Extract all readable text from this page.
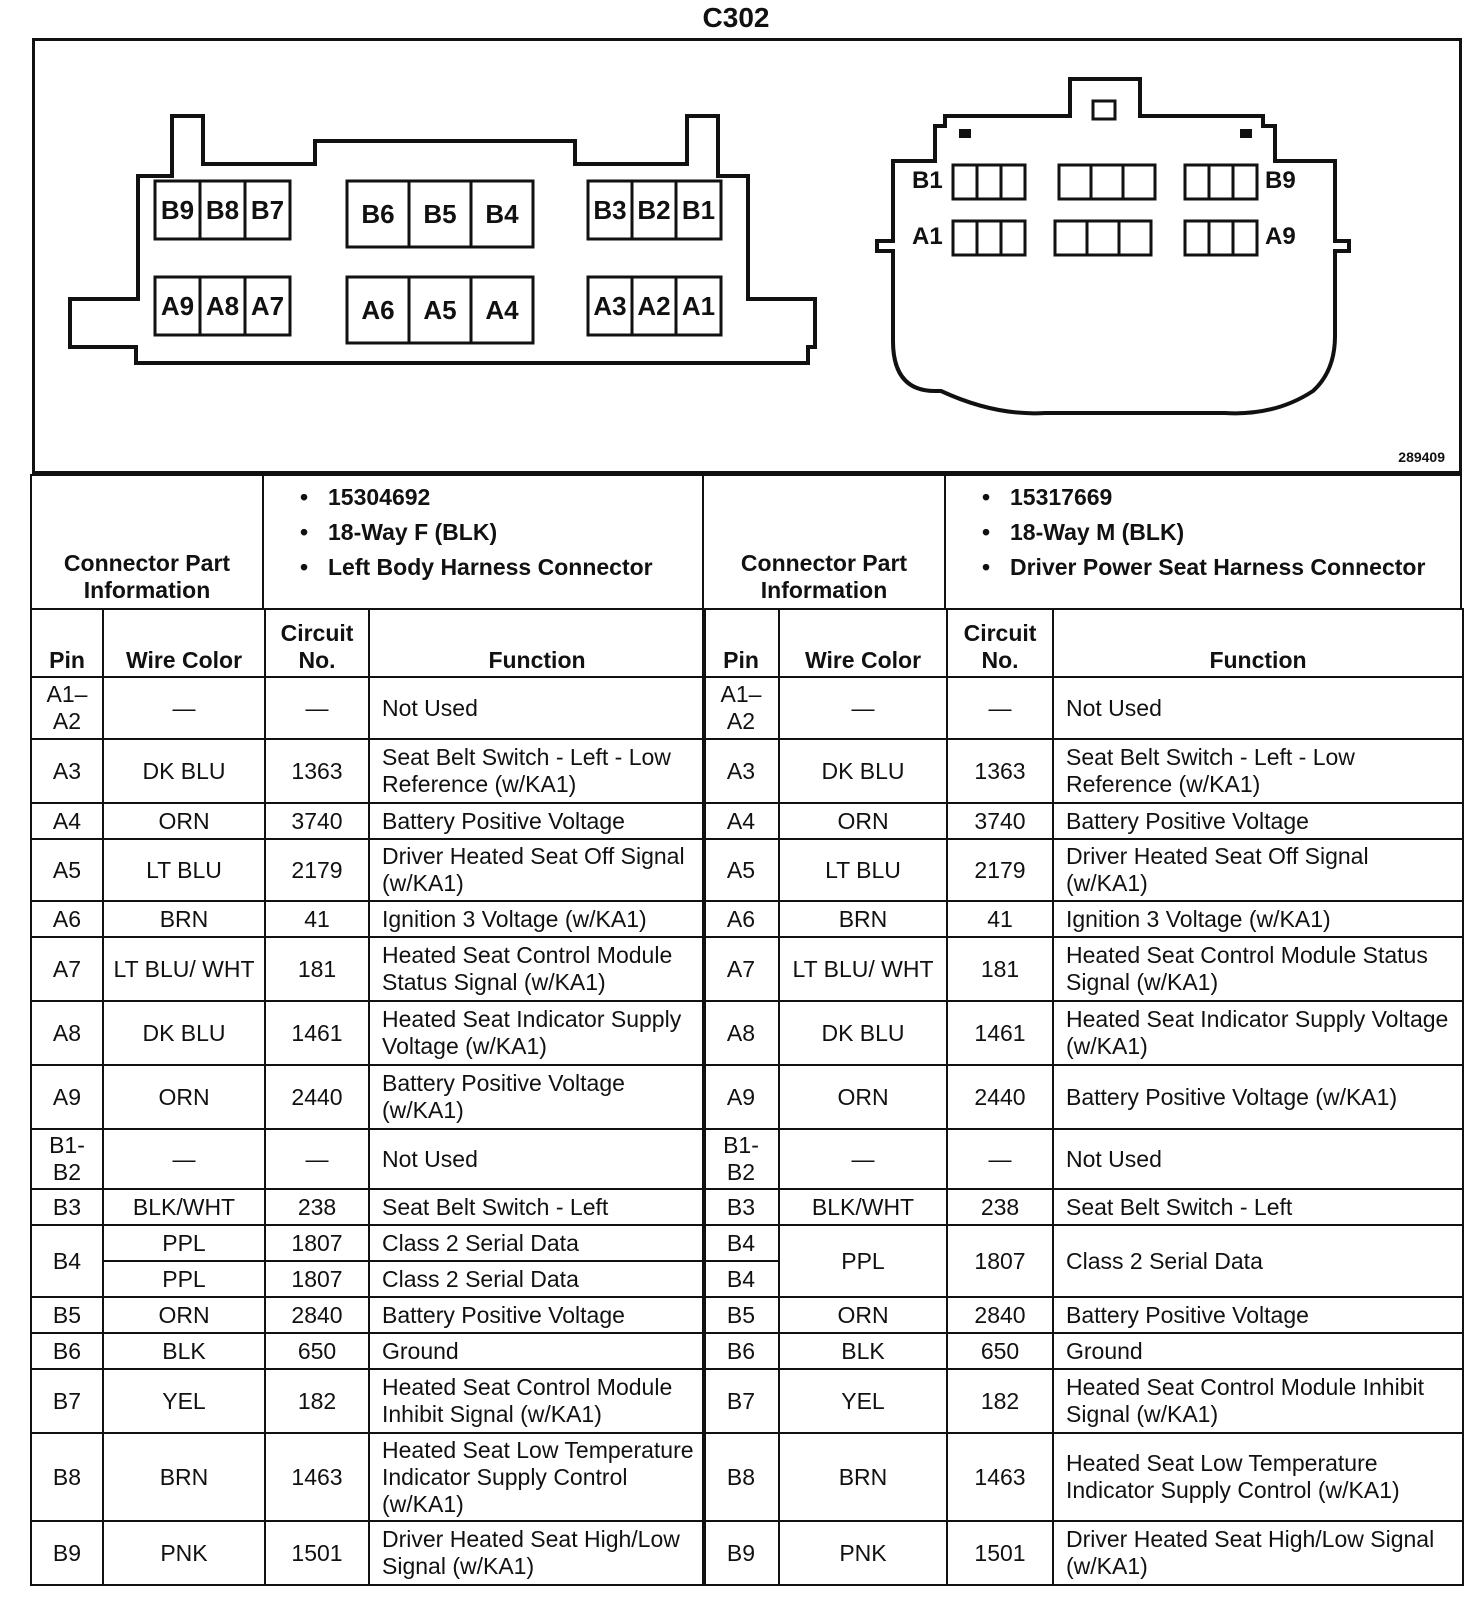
C302
B9 B8 B7
A9 A8 A7
B6	B5	B4
A6	A5	A4
B3 B2 B1
A3 A2 A1
B1
A1
B9
A9
289409
Connector Part Information
• 15304692
• 18-Way F (BLK)
• Left Body Harness Connector	Connector Part Information
• 15317669
• 18-Way M (BLK)
• Driver Power Seat Harness Connector
Pin	Wire Color	Circuit No.	Function
A1–A2	—	—	Not Used
A3	DK BLU	1363	Seat Belt Switch - Left - Low Reference (w/KA1)
A4	ORN	3740	Battery Positive Voltage
A5	LT BLU	2179	Driver Heated Seat Off Signal (w/KA1)
A6	BRN	41	Ignition 3 Voltage (w/KA1)
A7	LT BLU/ WHT	181	Heated Seat Control Module Status Signal (w/KA1)
A8	DK BLU	1461	Heated Seat Indicator Supply Voltage (w/KA1)
A9	ORN	2440	Battery Positive Voltage (w/KA1)
B1-B2	—	—	Not Used
B3	BLK/WHT	238	Seat Belt Switch - Left
B4	PPL	1807	Class 2 Serial Data
	PPL	1807	Class 2 Serial Data
B5	ORN	2840	Battery Positive Voltage
B6	BLK	650	Ground
B7	YEL	182	Heated Seat Control Module Inhibit Signal (w/KA1)
B8	BRN	1463	Heated Seat Low Temperature Indicator Supply Control (w/KA1)
B9	PNK	1501	Driver Heated Seat High/Low Signal (w/KA1)
Pin	Wire Color	Circuit No.	Function
A1–A2	—	—	Not Used
A3	DK BLU	1363	Seat Belt Switch - Left - Low Reference (w/KA1)
A4	ORN	3740	Battery Positive Voltage
A5	LT BLU	2179	Driver Heated Seat Off Signal (w/KA1)
A6	BRN	41	Ignition 3 Voltage (w/KA1)
A7	LT BLU/ WHT	181	Heated Seat Control Module Status Signal (w/KA1)
A8	DK BLU	1461	Heated Seat Indicator Supply Voltage (w/KA1)
A9	ORN	2440	Battery Positive Voltage (w/KA1)
B1-B2	—	—	Not Used
B3	BLK/WHT	238	Seat Belt Switch - Left
B4	PPL	1807	Class 2 Serial Data
B4			
B5	ORN	2840	Battery Positive Voltage
B6	BLK	650	Ground
B7	YEL	182	Heated Seat Control Module Inhibit Signal (w/KA1)
B8	BRN	1463	Heated Seat Low Temperature Indicator Supply Control (w/KA1)
B9	PNK	1501	Driver Heated Seat High/Low Signal (w/KA1)
